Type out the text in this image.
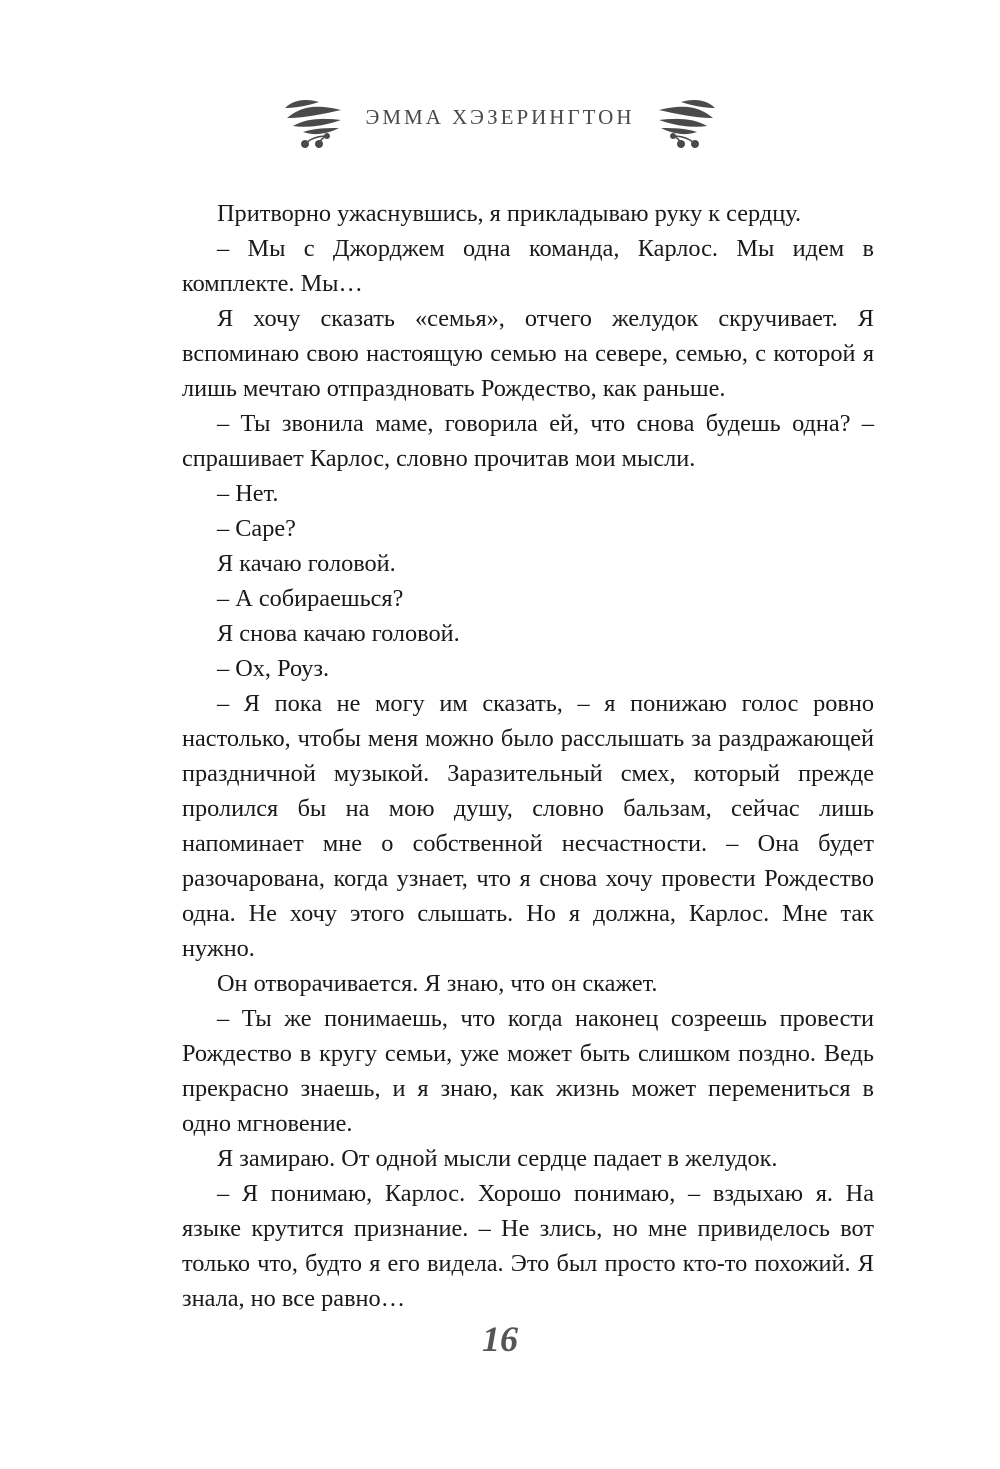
ЭММА ХЭЗЕРИНГТОН

Притворно ужаснувшись, я прикладываю руку к сердцу.

– Мы с Джорджем одна команда, Карлос. Мы идем в комплекте. Мы…

Я хочу сказать «семья», отчего желудок скручивает. Я вспоминаю свою настоящую семью на севере, семью, с которой я лишь мечтаю отпраздновать Рождество, как раньше.

– Ты звонила маме, говорила ей, что снова будешь одна? – спрашивает Карлос, словно прочитав мои мысли.

– Нет.

– Саре?

Я качаю головой.

– А собираешься?

Я снова качаю головой.

– Ох, Роуз.

– Я пока не могу им сказать, – я понижаю голос ровно настолько, чтобы меня можно было расслышать за раздражающей праздничной музыкой. Заразительный смех, который прежде пролился бы на мою душу, словно бальзам, сейчас лишь напоминает мне о собственной несчастности. – Она будет разочарована, когда узнает, что я снова хочу провести Рождество одна. Не хочу этого слышать. Но я должна, Карлос. Мне так нужно.

Он отворачивается. Я знаю, что он скажет.

– Ты же понимаешь, что когда наконец созреешь провести Рождество в кругу семьи, уже может быть слишком поздно. Ведь прекрасно знаешь, и я знаю, как жизнь может перемениться в одно мгновение.

Я замираю. От одной мысли сердце падает в желудок.

– Я понимаю, Карлос. Хорошо понимаю, – вздыхаю я. На языке крутится признание. – Не злись, но мне привиделось вот только что, будто я его видела. Это был просто кто-то похожий. Я знала, но все равно…

16
